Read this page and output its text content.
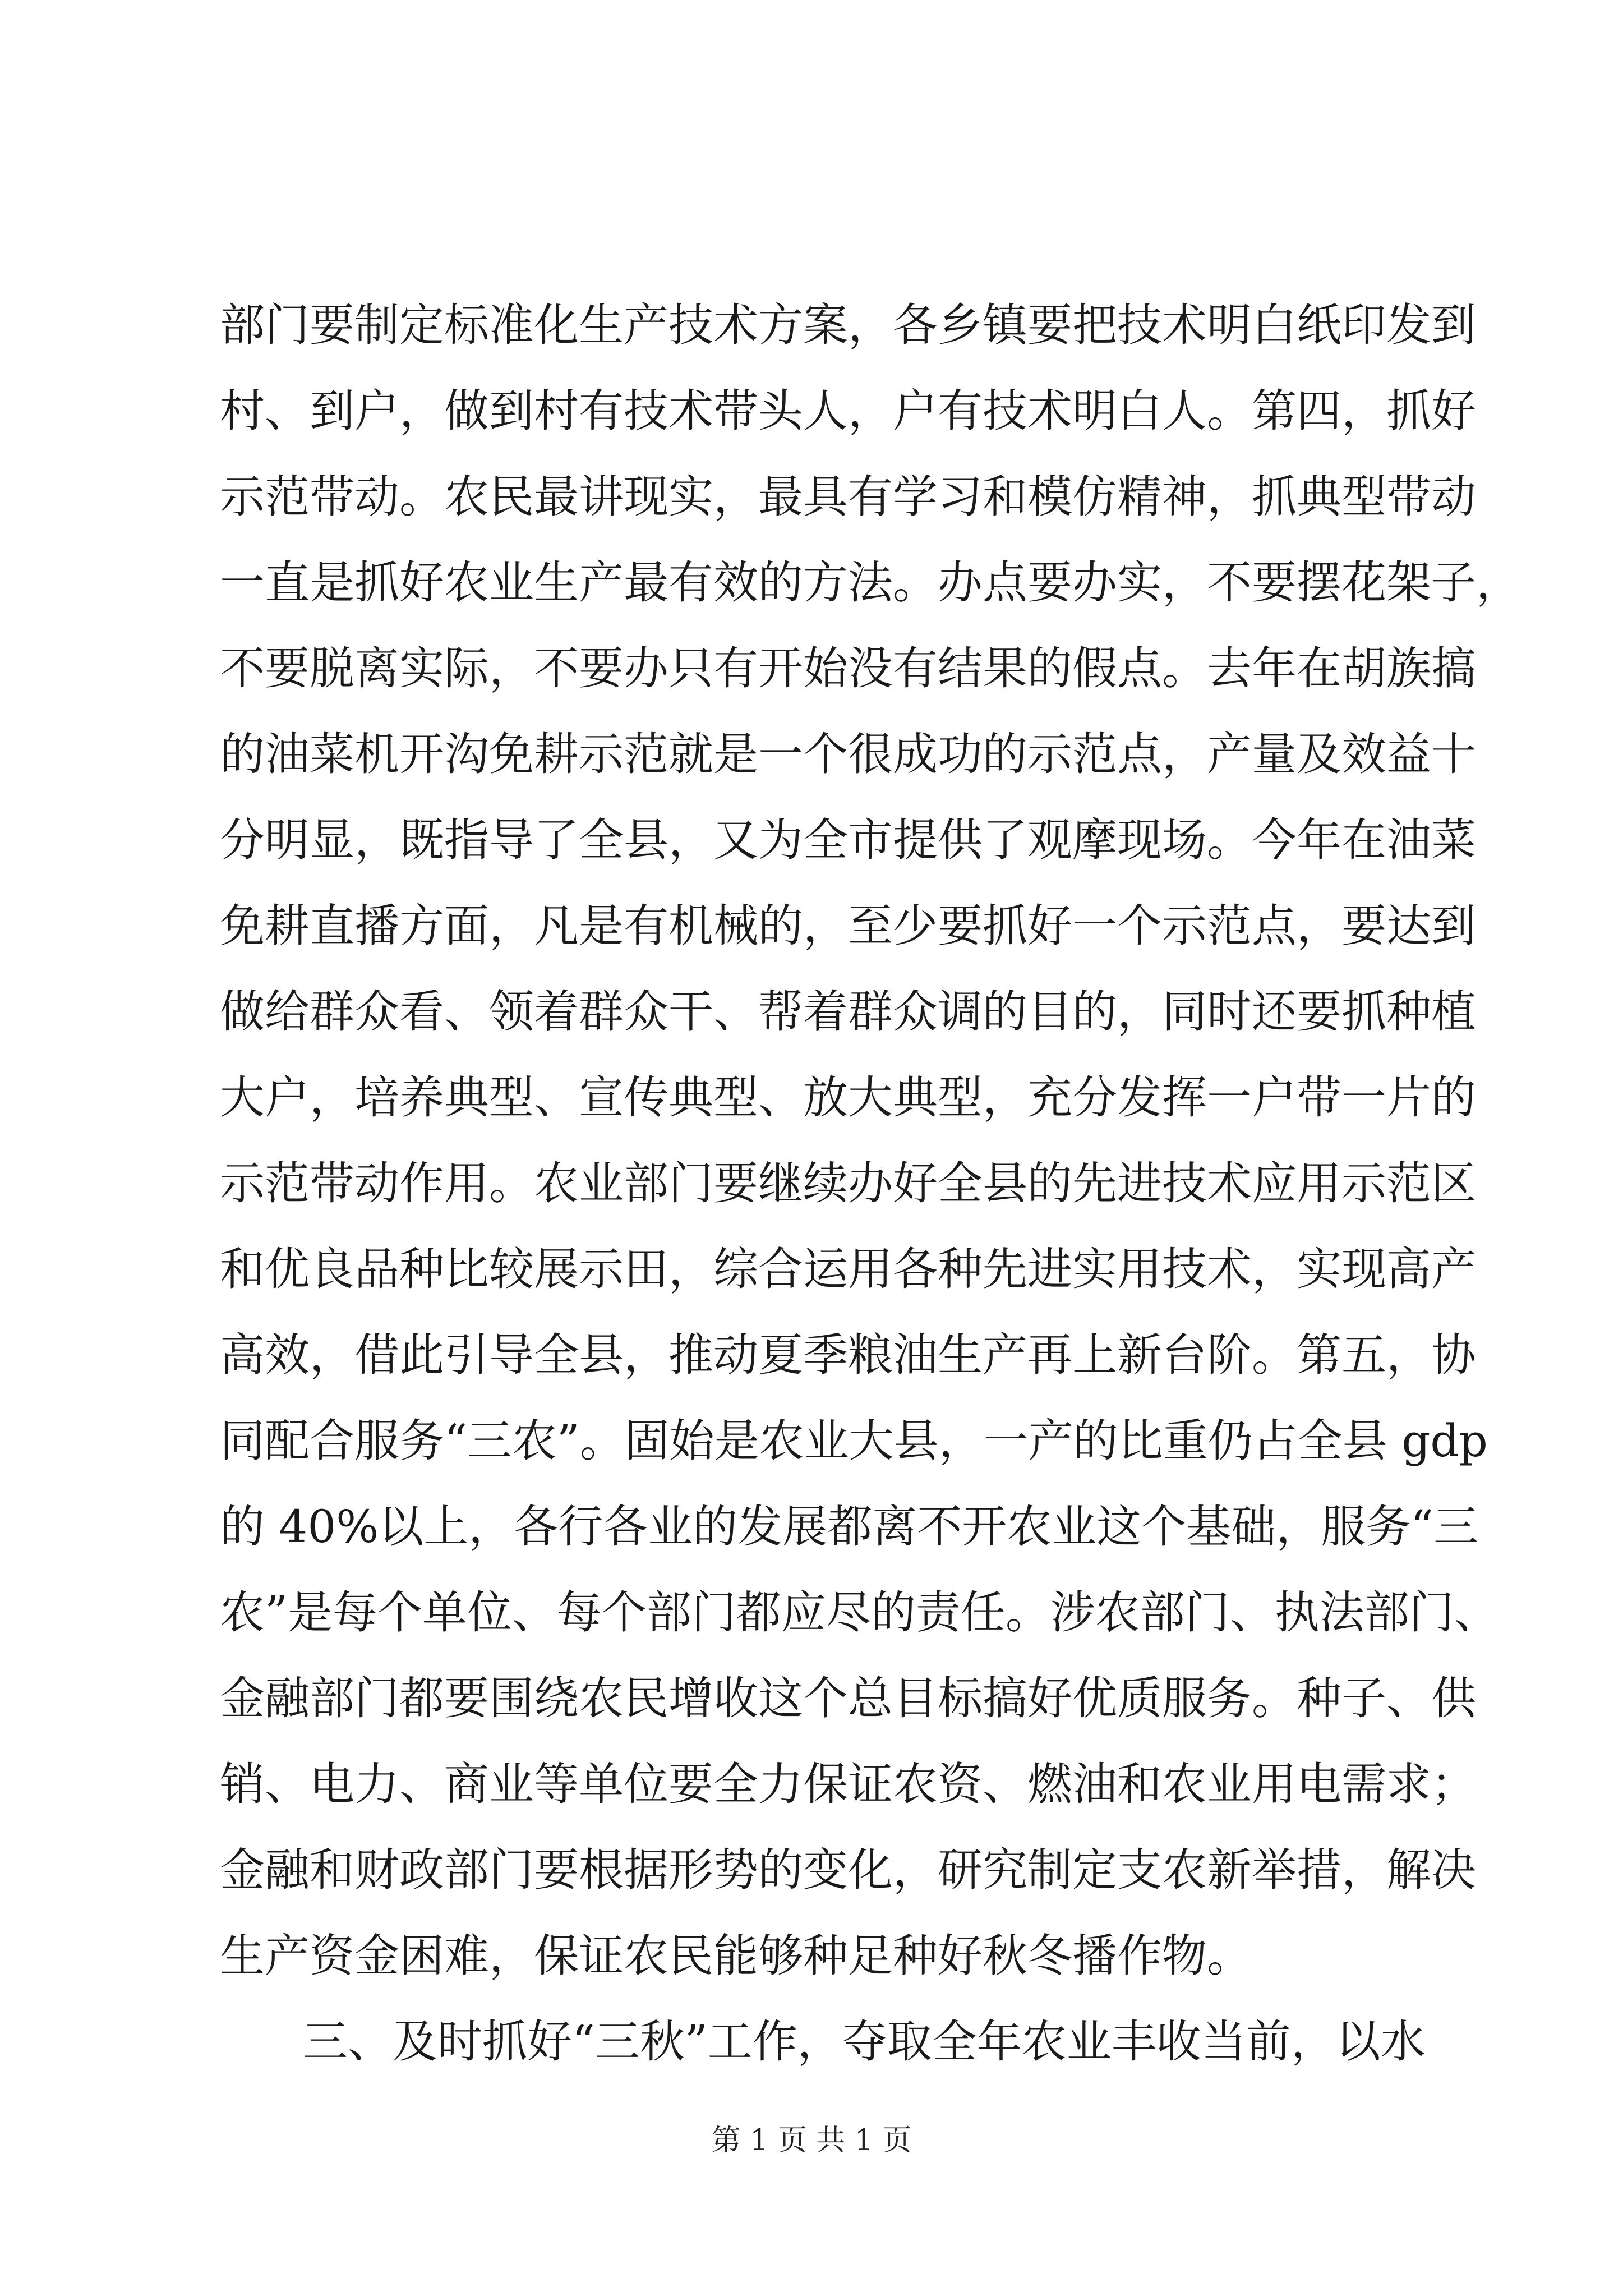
部门要制定标准化生产技术方案，各乡镇要把技术明白纸印发到
村、到户，做到村有技术带头人，户有技术明白人。第四，抓好
示范带动。农民最讲现实，最具有学习和模仿精神，抓典型带动
一直是抓好农业生产最有效的方法。办点要办实，不要摆花架子，
不要脱离实际，不要办只有开始没有结果的假点。去年在胡族搞
的油菜机开沟免耕示范就是一个很成功的示范点，产量及效益十
分明显，既指导了全县，又为全市提供了观摩现场。今年在油菜
免耕直播方面，凡是有机械的，至少要抓好一个示范点，要达到
做给群众看、领着群众干、帮着群众调的目的，同时还要抓种植
大户，培养典型、宣传典型、放大典型，充分发挥一户带一片的
示范带动作用。农业部门要继续办好全县的先进技术应用示范区
和优良品种比较展示田，综合运用各种先进实用技术，实现高产
高效，借此引导全县，推动夏季粮油生产再上新台阶。第五，协
同配合服务“三农”。固始是农业大县，一产的比重仍占全县 gdp
的 40%以上，各行各业的发展都离不开农业这个基础，服务“三
农”是每个单位、每个部门都应尽的责任。涉农部门、执法部门、
金融部门都要围绕农民增收这个总目标搞好优质服务。种子、供
销、电力、商业等单位要全力保证农资、燃油和农业用电需求；
金融和财政部门要根据形势的变化，研究制定支农新举措，解决
生产资金困难，保证农民能够种足种好秋冬播作物。
三、及时抓好“三秋”工作，夺取全年农业丰收当前，以水
第 1 页 共 1 页
